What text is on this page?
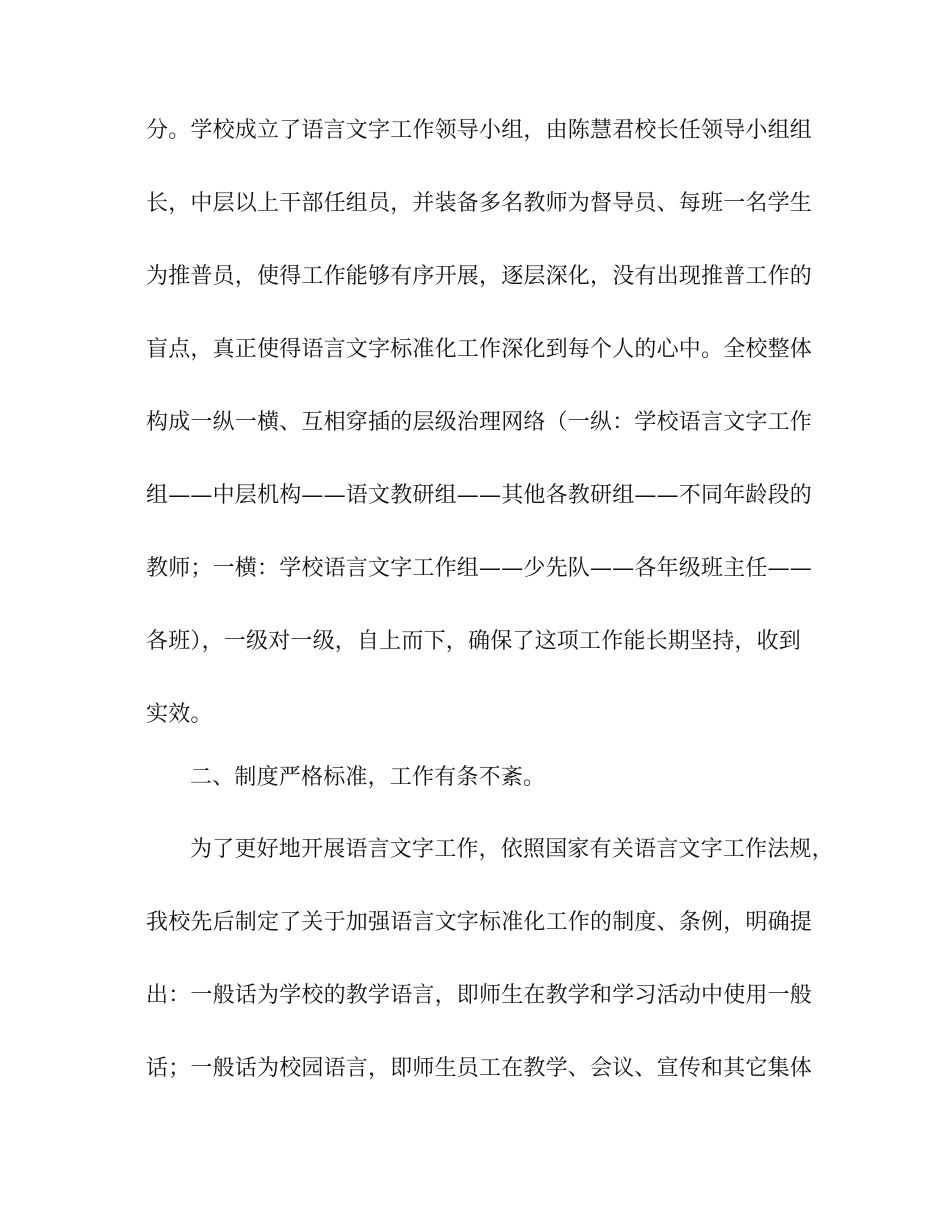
分。学校成立了语言文字工作领导小组，由陈慧君校长任领导小组组
长，中层以上干部任组员，并装备多名教师为督导员、每班一名学生
为推普员，使得工作能够有序开展，逐层深化，没有出现推普工作的
盲点，真正使得语言文字标准化工作深化到每个人的心中。全校整体
构成一纵一横、互相穿插的层级治理网络（一纵：学校语言文字工作
组——中层机构——语文教研组——其他各教研组——不同年龄段的
教师；一横：学校语言文字工作组——少先队——各年级班主任——
各班），一级对一级，自上而下，确保了这项工作能长期坚持，收到
实效。
二、制度严格标准，工作有条不紊。
为了更好地开展语言文字工作，依照国家有关语言文字工作法规，
我校先后制定了关于加强语言文字标准化工作的制度、条例，明确提
出：一般话为学校的教学语言，即师生在教学和学习活动中使用一般
话；一般话为校园语言，即师生员工在教学、会议、宣传和其它集体
